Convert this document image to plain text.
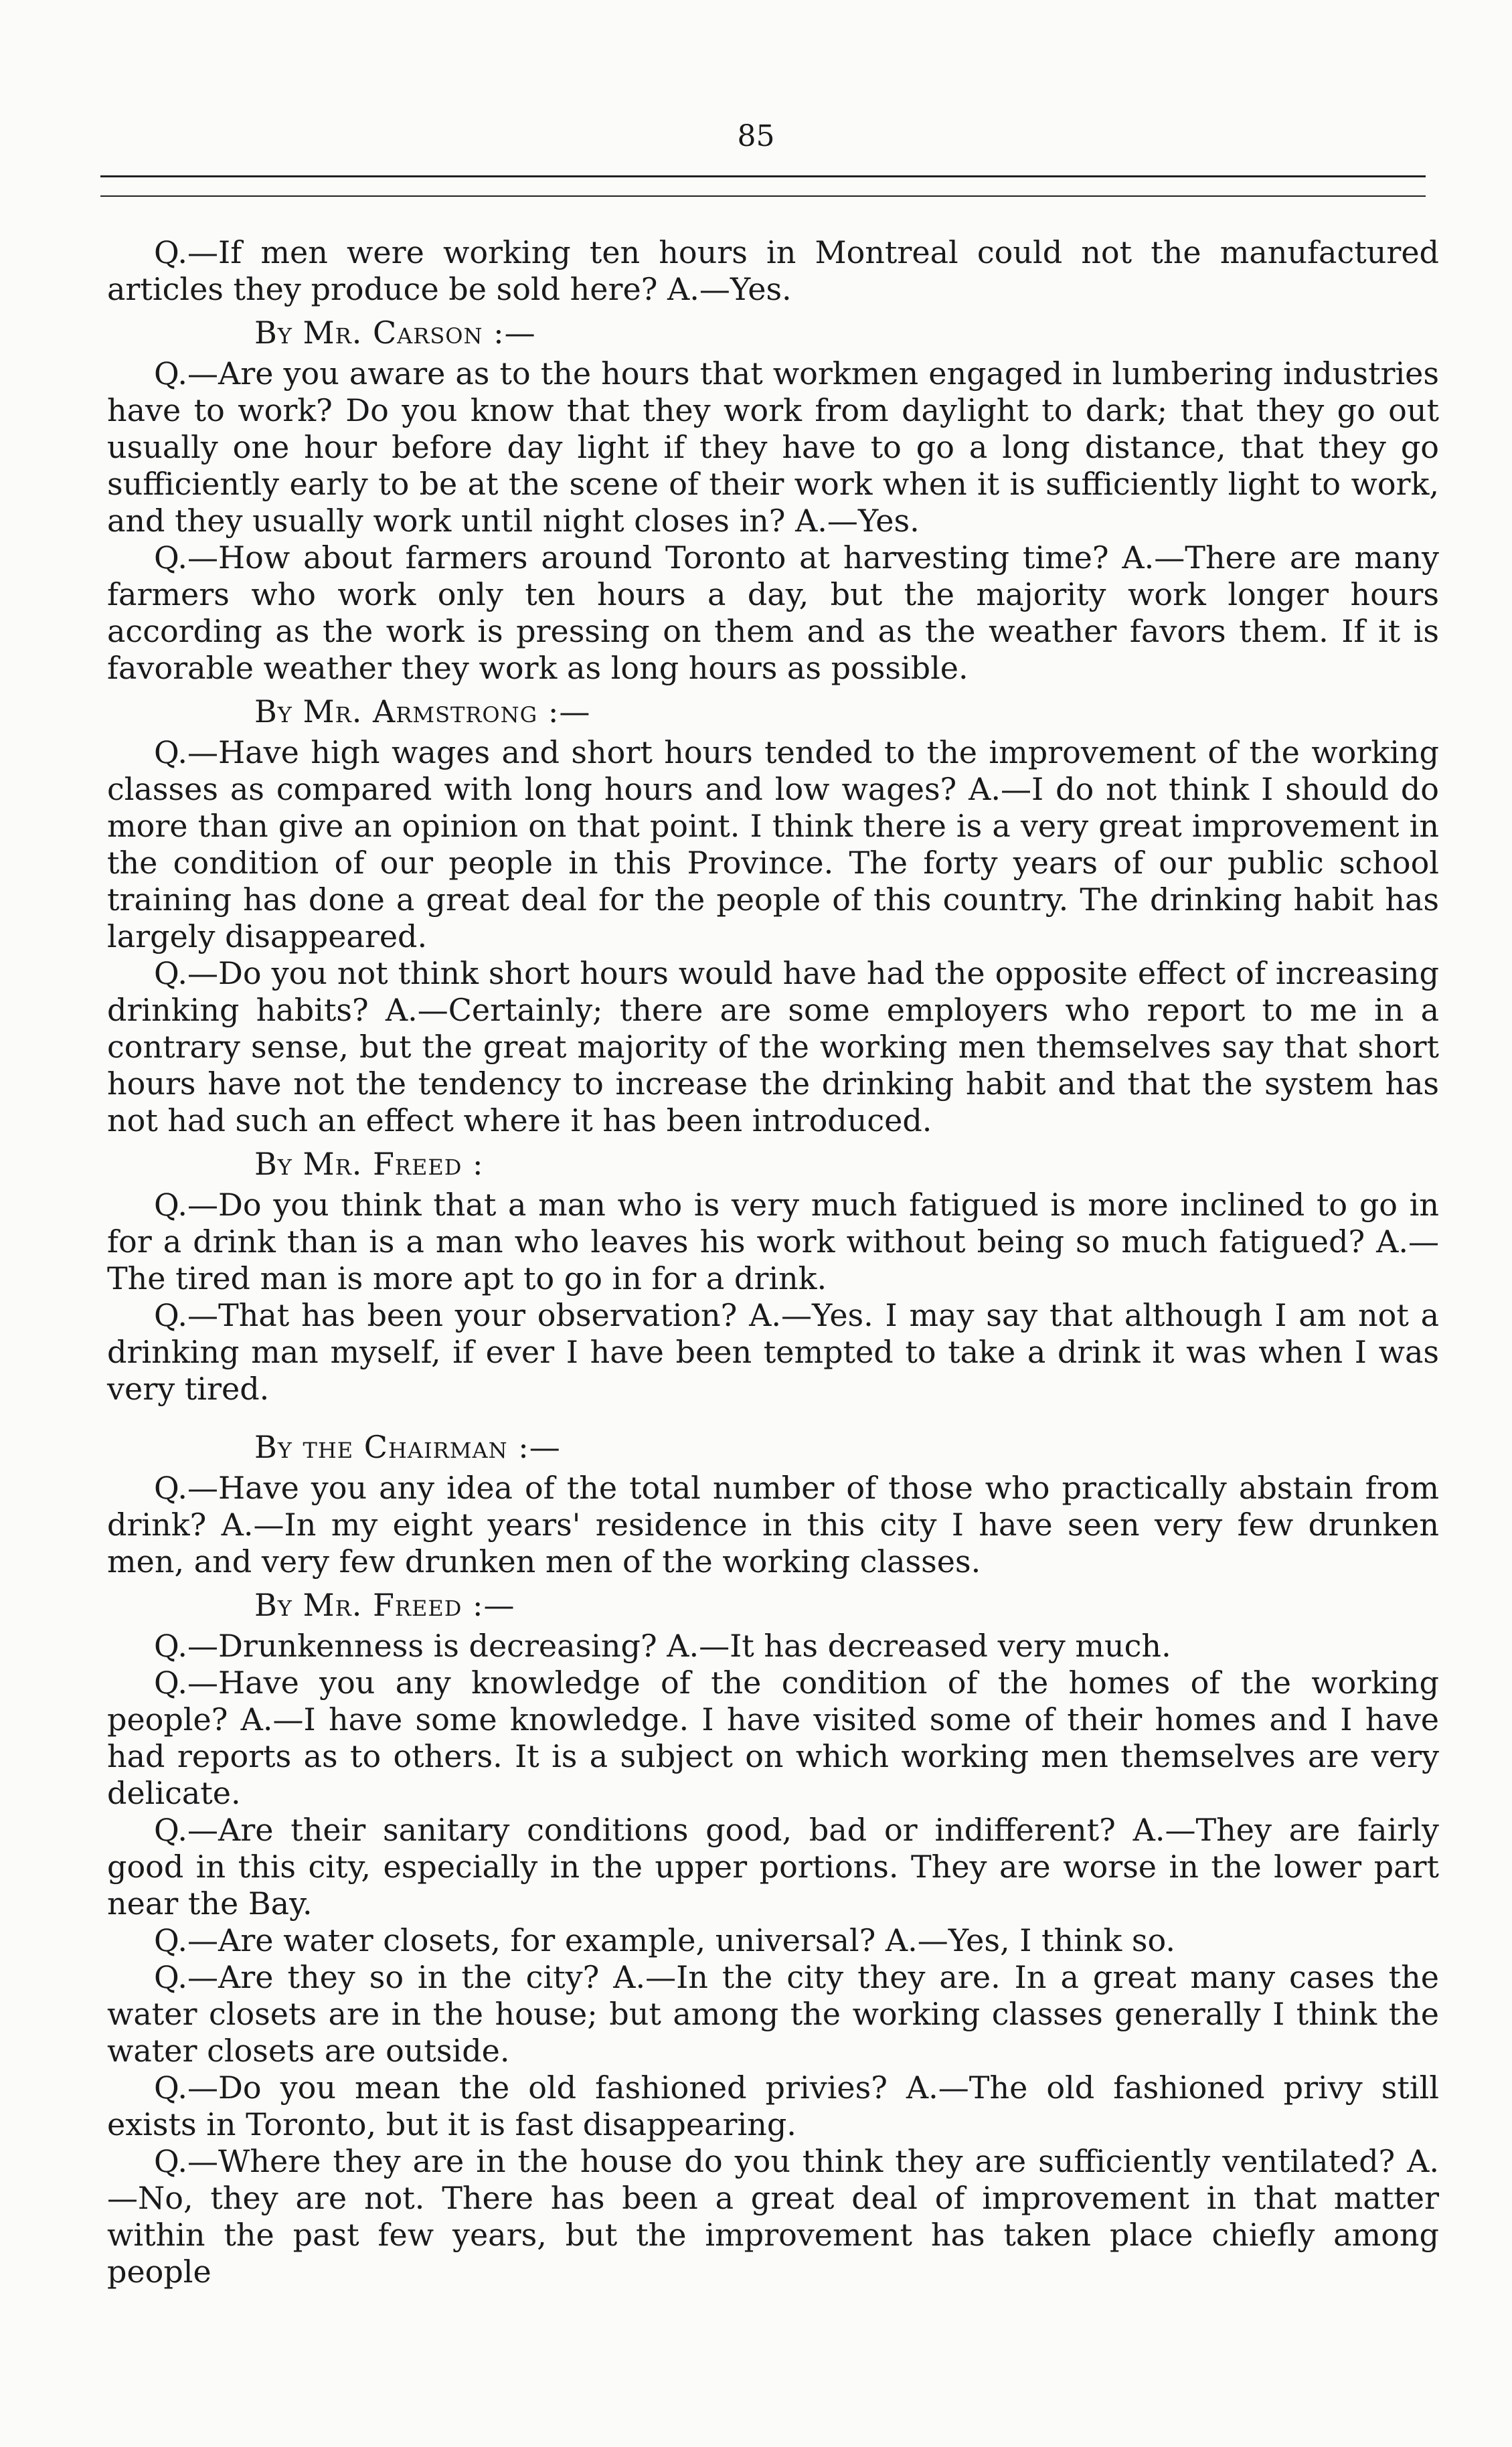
85

Q.—If men were working ten hours in Montreal could not the manufactured articles they produce be sold here? A.—Yes.

By Mr. Carson :—

Q.—Are you aware as to the hours that workmen engaged in lumbering industries have to work? Do you know that they work from daylight to dark; that they go out usually one hour before day light if they have to go a long distance, that they go sufficiently early to be at the scene of their work when it is sufficiently light to work, and they usually work until night closes in? A.—Yes.

Q.—How about farmers around Toronto at harvesting time? A.—There are many farmers who work only ten hours a day, but the majority work longer hours according as the work is pressing on them and as the weather favors them. If it is favorable weather they work as long hours as possible.

By Mr. Armstrong :—

Q.—Have high wages and short hours tended to the improvement of the working classes as compared with long hours and low wages? A.—I do not think I should do more than give an opinion on that point. I think there is a very great improvement in the condition of our people in this Province. The forty years of our public school training has done a great deal for the people of this country. The drinking habit has largely disappeared.

Q.—Do you not think short hours would have had the opposite effect of increasing drinking habits? A.—Certainly; there are some employers who report to me in a contrary sense, but the great majority of the working men themselves say that short hours have not the tendency to increase the drinking habit and that the system has not had such an effect where it has been introduced.

By Mr. Freed :

Q.—Do you think that a man who is very much fatigued is more inclined to go in for a drink than is a man who leaves his work without being so much fatigued? A.—The tired man is more apt to go in for a drink.

Q.—That has been your observation? A.—Yes. I may say that although I am not a drinking man myself, if ever I have been tempted to take a drink it was when I was very tired.

By the Chairman :—

Q.—Have you any idea of the total number of those who practically abstain from drink? A.—In my eight years' residence in this city I have seen very few drunken men, and very few drunken men of the working classes.

By Mr. Freed :—

Q.—Drunkenness is decreasing? A.—It has decreased very much.

Q.—Have you any knowledge of the condition of the homes of the working people? A.—I have some knowledge. I have visited some of their homes and I have had reports as to others. It is a subject on which working men themselves are very delicate.

Q.—Are their sanitary conditions good, bad or indifferent? A.—They are fairly good in this city, especially in the upper portions. They are worse in the lower part near the Bay.

Q.—Are water closets, for example, universal? A.—Yes, I think so.

Q.—Are they so in the city? A.—In the city they are. In a great many cases the water closets are in the house; but among the working classes generally I think the water closets are outside.

Q.—Do you mean the old fashioned privies? A.—The old fashioned privy still exists in Toronto, but it is fast disappearing.

Q.—Where they are in the house do you think they are sufficiently ventilated? A.—No, they are not. There has been a great deal of improvement in that matter within the past few years, but the improvement has taken place chiefly among people
